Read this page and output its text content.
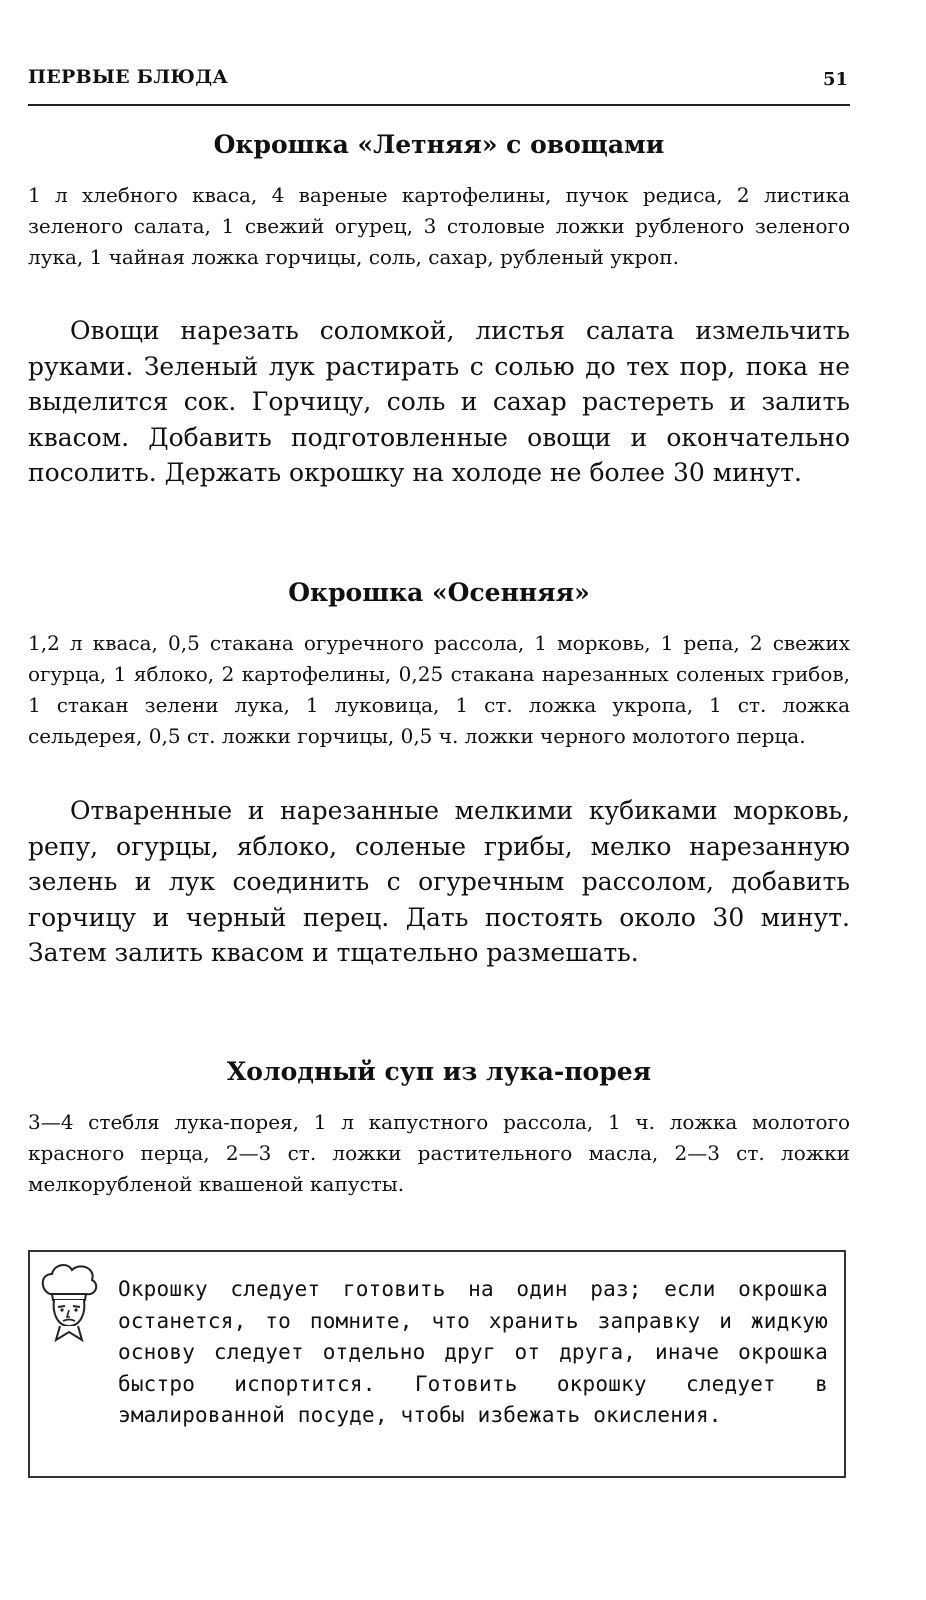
ПЕРВЫЕ БЛЮДА	51
Окрошка «Летняя» с овощами

1 л хлебного кваса, 4 вареные картофелины, пучок редиса, 2 листика зеленого салата, 1 свежий огурец, 3 столовые ложки рубленого зеленого лука, 1 чайная ложка горчицы, соль, сахар, рубленый укроп.

Овощи нарезать соломкой, листья салата измельчить руками. Зеленый лук растирать с солью до тех пор, пока не выделится сок. Горчицу, соль и сахар растереть и залить квасом. Добавить подготовленные овощи и окончательно посолить. Держать окрошку на холоде не более 30 минут.

Окрошка «Осенняя»

1,2 л кваса, 0,5 стакана огуречного рассола, 1 морковь, 1 репа, 2 свежих огурца, 1 яблоко, 2 картофелины, 0,25 стакана нарезанных соленых грибов, 1 стакан зелени лука, 1 луковица, 1 ст. ложка укропа, 1 ст. ложка сельдерея, 0,5 ст. ложки горчицы, 0,5 ч. ложки черного молотого перца.

Отваренные и нарезанные мелкими кубиками морковь, репу, огурцы, яблоко, соленые грибы, мелко нарезанную зелень и лук соединить с огуречным рассолом, добавить горчицу и черный перец. Дать постоять около 30 минут. Затем залить квасом и тщательно размешать.

Холодный суп из лука-порея

3—4 стебля лука-порея, 1 л капустного рассола, 1 ч. ложка молотого красного перца, 2—3 ст. ложки растительного масла, 2—3 ст. ложки мелкорубленой квашеной капусты.

Окрошку следует готовить на один раз; если окрошка останется, то помните, что хранить заправку и жидкую основу следует отдельно друг от друга, иначе окрошка быстро испортится. Готовить окрошку следует в эмалированной посуде, чтобы избежать окисления.
